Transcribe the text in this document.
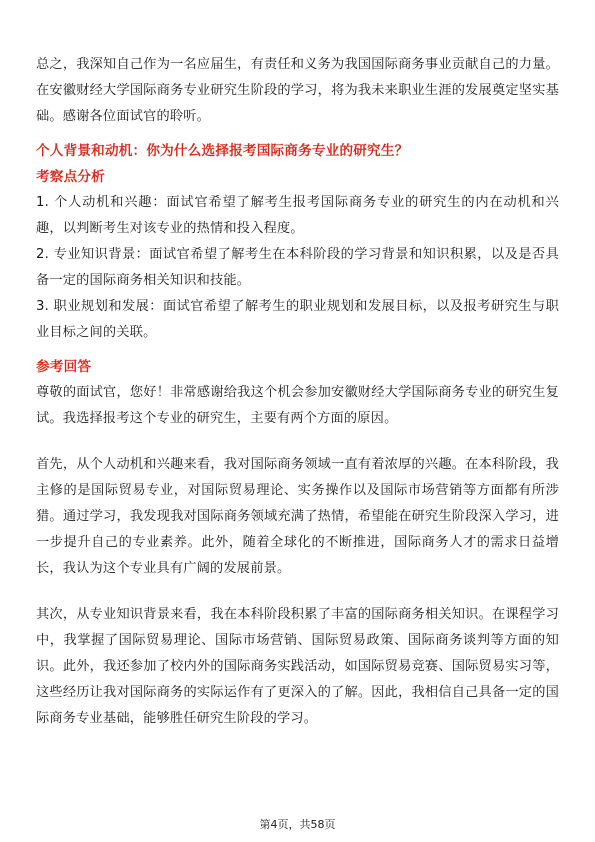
总之，我深知自己作为一名应届生，有责任和义务为我国国际商务事业贡献自己的力量。在安徽财经大学国际商务专业研究生阶段的学习，将为我未来职业生涯的发展奠定坚实基础。感谢各位面试官的聆听。

个人背景和动机：你为什么选择报考国际商务专业的研究生？

考察点分析

1. 个人动机和兴趣：面试官希望了解考生报考国际商务专业的研究生的内在动机和兴趣，以判断考生对该专业的热情和投入程度。

2. 专业知识背景：面试官希望了解考生在本科阶段的学习背景和知识积累，以及是否具备一定的国际商务相关知识和技能。

3. 职业规划和发展：面试官希望了解考生的职业规划和发展目标，以及报考研究生与职业目标之间的关联。

参考回答

尊敬的面试官，您好！非常感谢给我这个机会参加安徽财经大学国际商务专业的研究生复试。我选择报考这个专业的研究生，主要有两个方面的原因。

首先，从个人动机和兴趣来看，我对国际商务领域一直有着浓厚的兴趣。在本科阶段，我主修的是国际贸易专业，对国际贸易理论、实务操作以及国际市场营销等方面都有所涉猎。通过学习，我发现我对国际商务领域充满了热情，希望能在研究生阶段深入学习，进一步提升自己的专业素养。此外，随着全球化的不断推进，国际商务人才的需求日益增长，我认为这个专业具有广阔的发展前景。

其次，从专业知识背景来看，我在本科阶段积累了丰富的国际商务相关知识。在课程学习中，我掌握了国际贸易理论、国际市场营销、国际贸易政策、国际商务谈判等方面的知识。此外，我还参加了校内外的国际商务实践活动，如国际贸易竞赛、国际贸易实习等，这些经历让我对国际商务的实际运作有了更深入的了解。因此，我相信自己具备一定的国际商务专业基础，能够胜任研究生阶段的学习。

第4页，共58页
